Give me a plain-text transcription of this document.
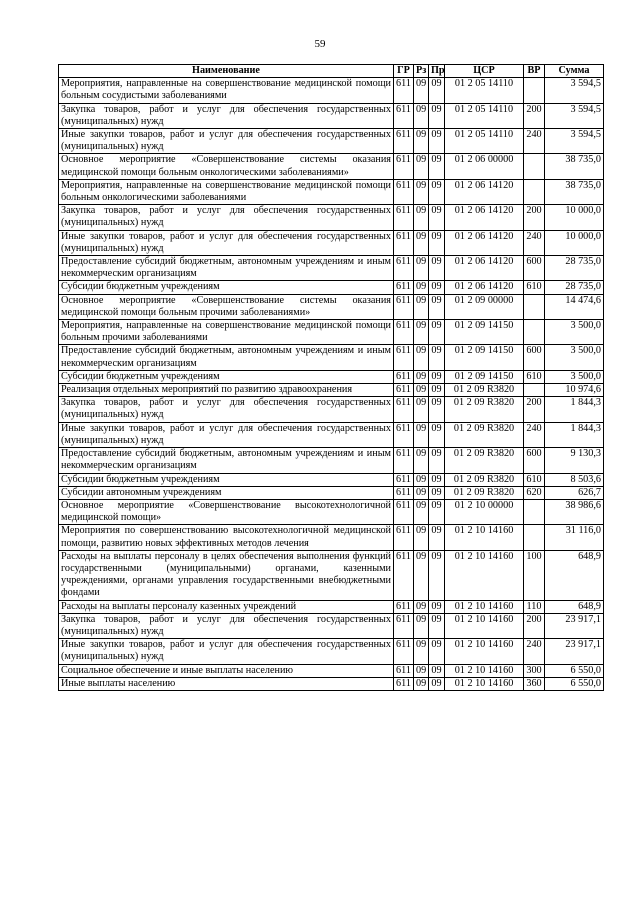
59
Наименование	ГР	Рз	Пр	ЦСР	ВР	Сумма
Мероприятия, направленные на совершенствование медицинской помощи больным сосудистыми заболеваниями	611	09	09	01 2 05 14110		3 594,5
Закупка товаров, работ и услуг для обеспечения государственных (муниципальных) нужд	611	09	09	01 2 05 14110	200	3 594,5
Иные закупки товаров, работ и услуг для обеспечения государственных (муниципальных) нужд	611	09	09	01 2 05 14110	240	3 594,5
Основное мероприятие «Совершенствование системы оказания медицинской помощи больным онкологическими заболеваниями»	611	09	09	01 2 06 00000		38 735,0
Мероприятия, направленные на совершенствование медицинской помощи больным онкологическими заболеваниями	611	09	09	01 2 06 14120		38 735,0
Закупка товаров, работ и услуг для обеспечения государственных (муниципальных) нужд	611	09	09	01 2 06 14120	200	10 000,0
Иные закупки товаров, работ и услуг для обеспечения государственных (муниципальных) нужд	611	09	09	01 2 06 14120	240	10 000,0
Предоставление субсидий бюджетным, автономным учреждениям и иным некоммерческим организациям	611	09	09	01 2 06 14120	600	28 735,0
Субсидии бюджетным учреждениям	611	09	09	01 2 06 14120	610	28 735,0
Основное мероприятие «Совершенствование системы оказания медицинской помощи больным прочими заболеваниями»	611	09	09	01 2 09 00000		14 474,6
Мероприятия, направленные на совершенствование медицинской помощи больным прочими заболеваниями	611	09	09	01 2 09 14150		3 500,0
Предоставление субсидий бюджетным, автономным учреждениям и иным некоммерческим организациям	611	09	09	01 2 09 14150	600	3 500,0
Субсидии бюджетным учреждениям	611	09	09	01 2 09 14150	610	3 500,0
Реализация отдельных мероприятий по развитию здравоохранения	611	09	09	01 2 09 R3820		10 974,6
Закупка товаров, работ и услуг для обеспечения государственных (муниципальных) нужд	611	09	09	01 2 09 R3820	200	1 844,3
Иные закупки товаров, работ и услуг для обеспечения государственных (муниципальных) нужд	611	09	09	01 2 09 R3820	240	1 844,3
Предоставление субсидий бюджетным, автономным учреждениям и иным некоммерческим организациям	611	09	09	01 2 09 R3820	600	9 130,3
Субсидии бюджетным учреждениям	611	09	09	01 2 09 R3820	610	8 503,6
Субсидии автономным учреждениям	611	09	09	01 2 09 R3820	620	626,7
Основное мероприятие «Совершенствование высокотехнологичной медицинской помощи»	611	09	09	01 2 10 00000		38 986,6
Мероприятия по совершенствованию высокотехнологичной медицинской помощи, развитию новых эффективных методов лечения	611	09	09	01 2 10 14160		31 116,0
Расходы на выплаты персоналу в целях обеспечения выполнения функций государственными (муниципальными) органами, казенными учреждениями, органами управления государственными внебюджетными фондами	611	09	09	01 2 10 14160	100	648,9
Расходы на выплаты персоналу казенных учреждений	611	09	09	01 2 10 14160	110	648,9
Закупка товаров, работ и услуг для обеспечения государственных (муниципальных) нужд	611	09	09	01 2 10 14160	200	23 917,1
Иные закупки товаров, работ и услуг для обеспечения государственных (муниципальных) нужд	611	09	09	01 2 10 14160	240	23 917,1
Социальное обеспечение и иные выплаты населению	611	09	09	01 2 10 14160	300	6 550,0
Иные выплаты населению	611	09	09	01 2 10 14160	360	6 550,0
